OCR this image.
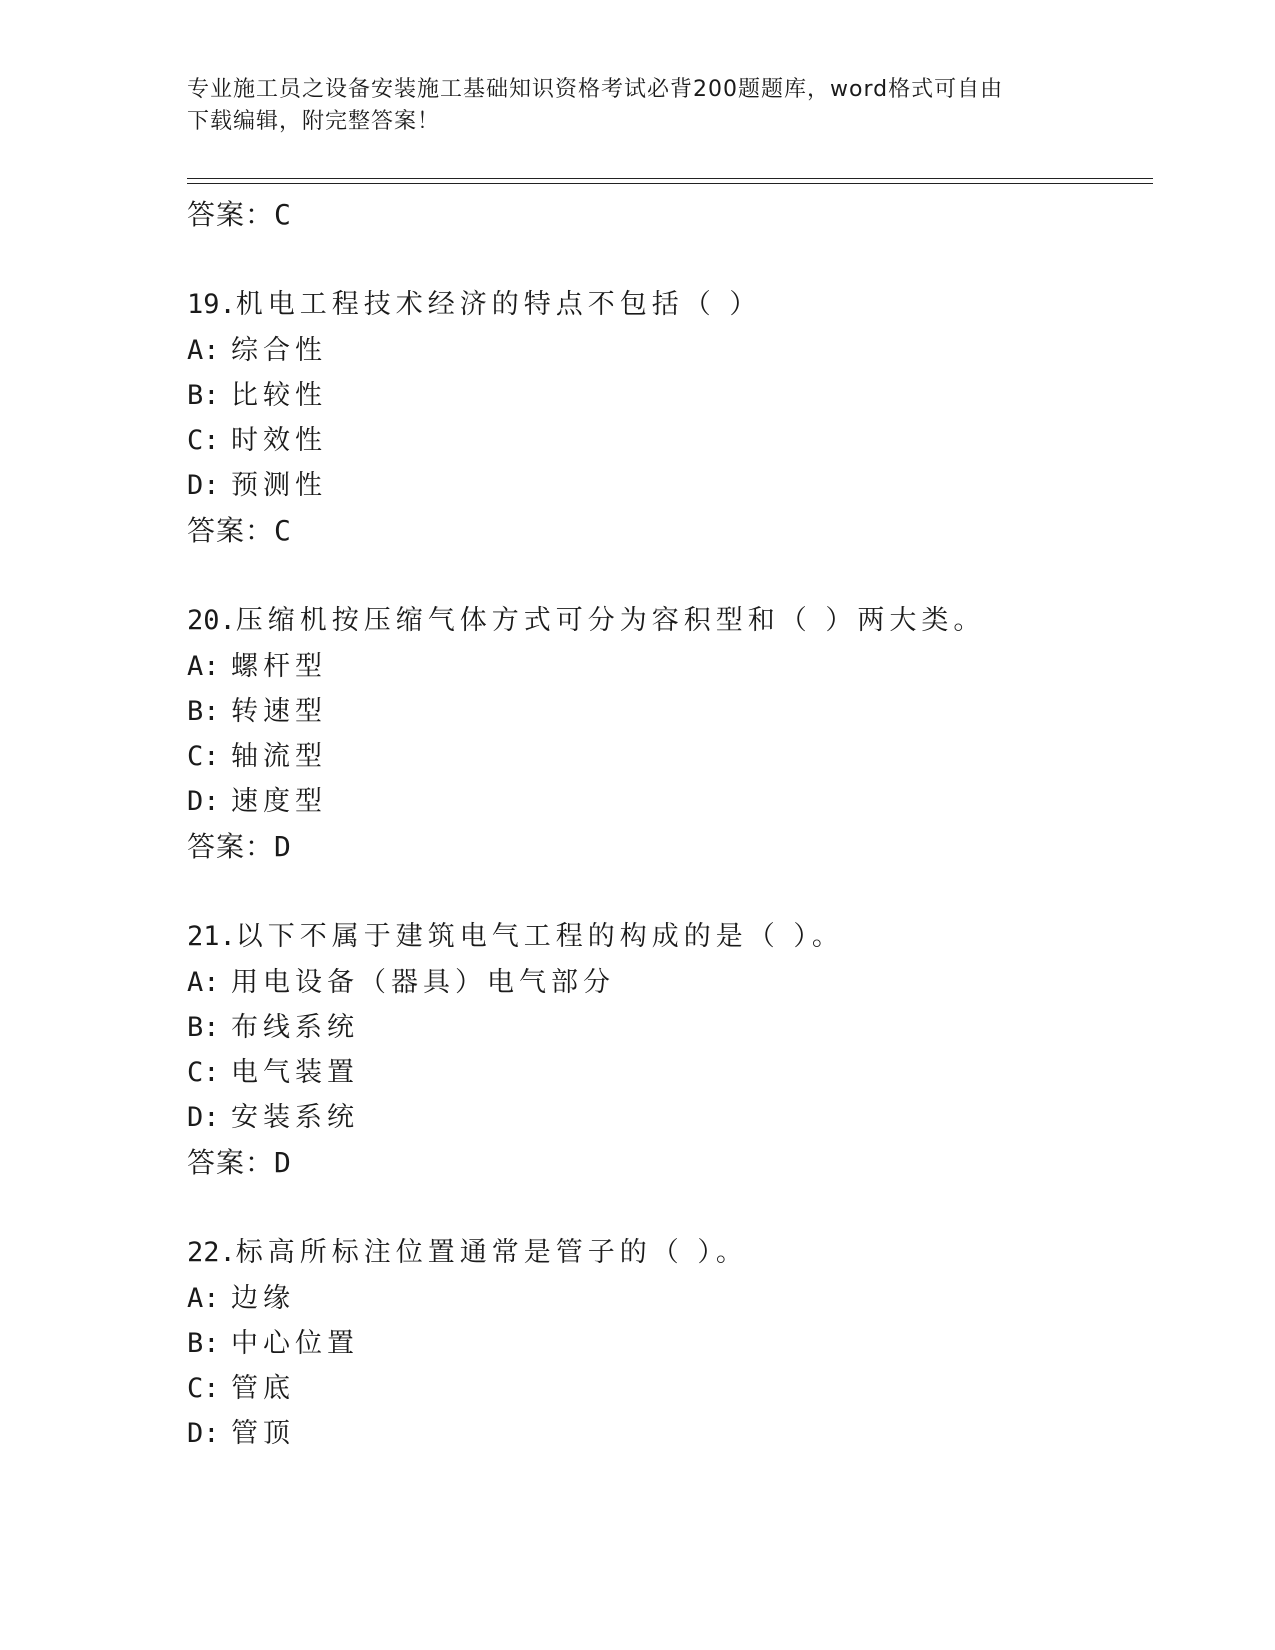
专业施工员之设备安装施工基础知识资格考试必背200题题库，word格式可自由
下载编辑，附完整答案！
答案：C
19.机电工程技术经济的特点不包括（ ）
A: 综合性
B: 比较性
C: 时效性
D: 预测性
答案：C
20.压缩机按压缩气体方式可分为容积型和（ ）两大类。
A: 螺杆型
B: 转速型
C: 轴流型
D: 速度型
答案：D
21.以下不属于建筑电气工程的构成的是（ ）。
A: 用电设备（器具）电气部分
B: 布线系统
C: 电气装置
D: 安装系统
答案：D
22.标高所标注位置通常是管子的（ ）。
A: 边缘
B: 中心位置
C: 管底
D: 管顶
